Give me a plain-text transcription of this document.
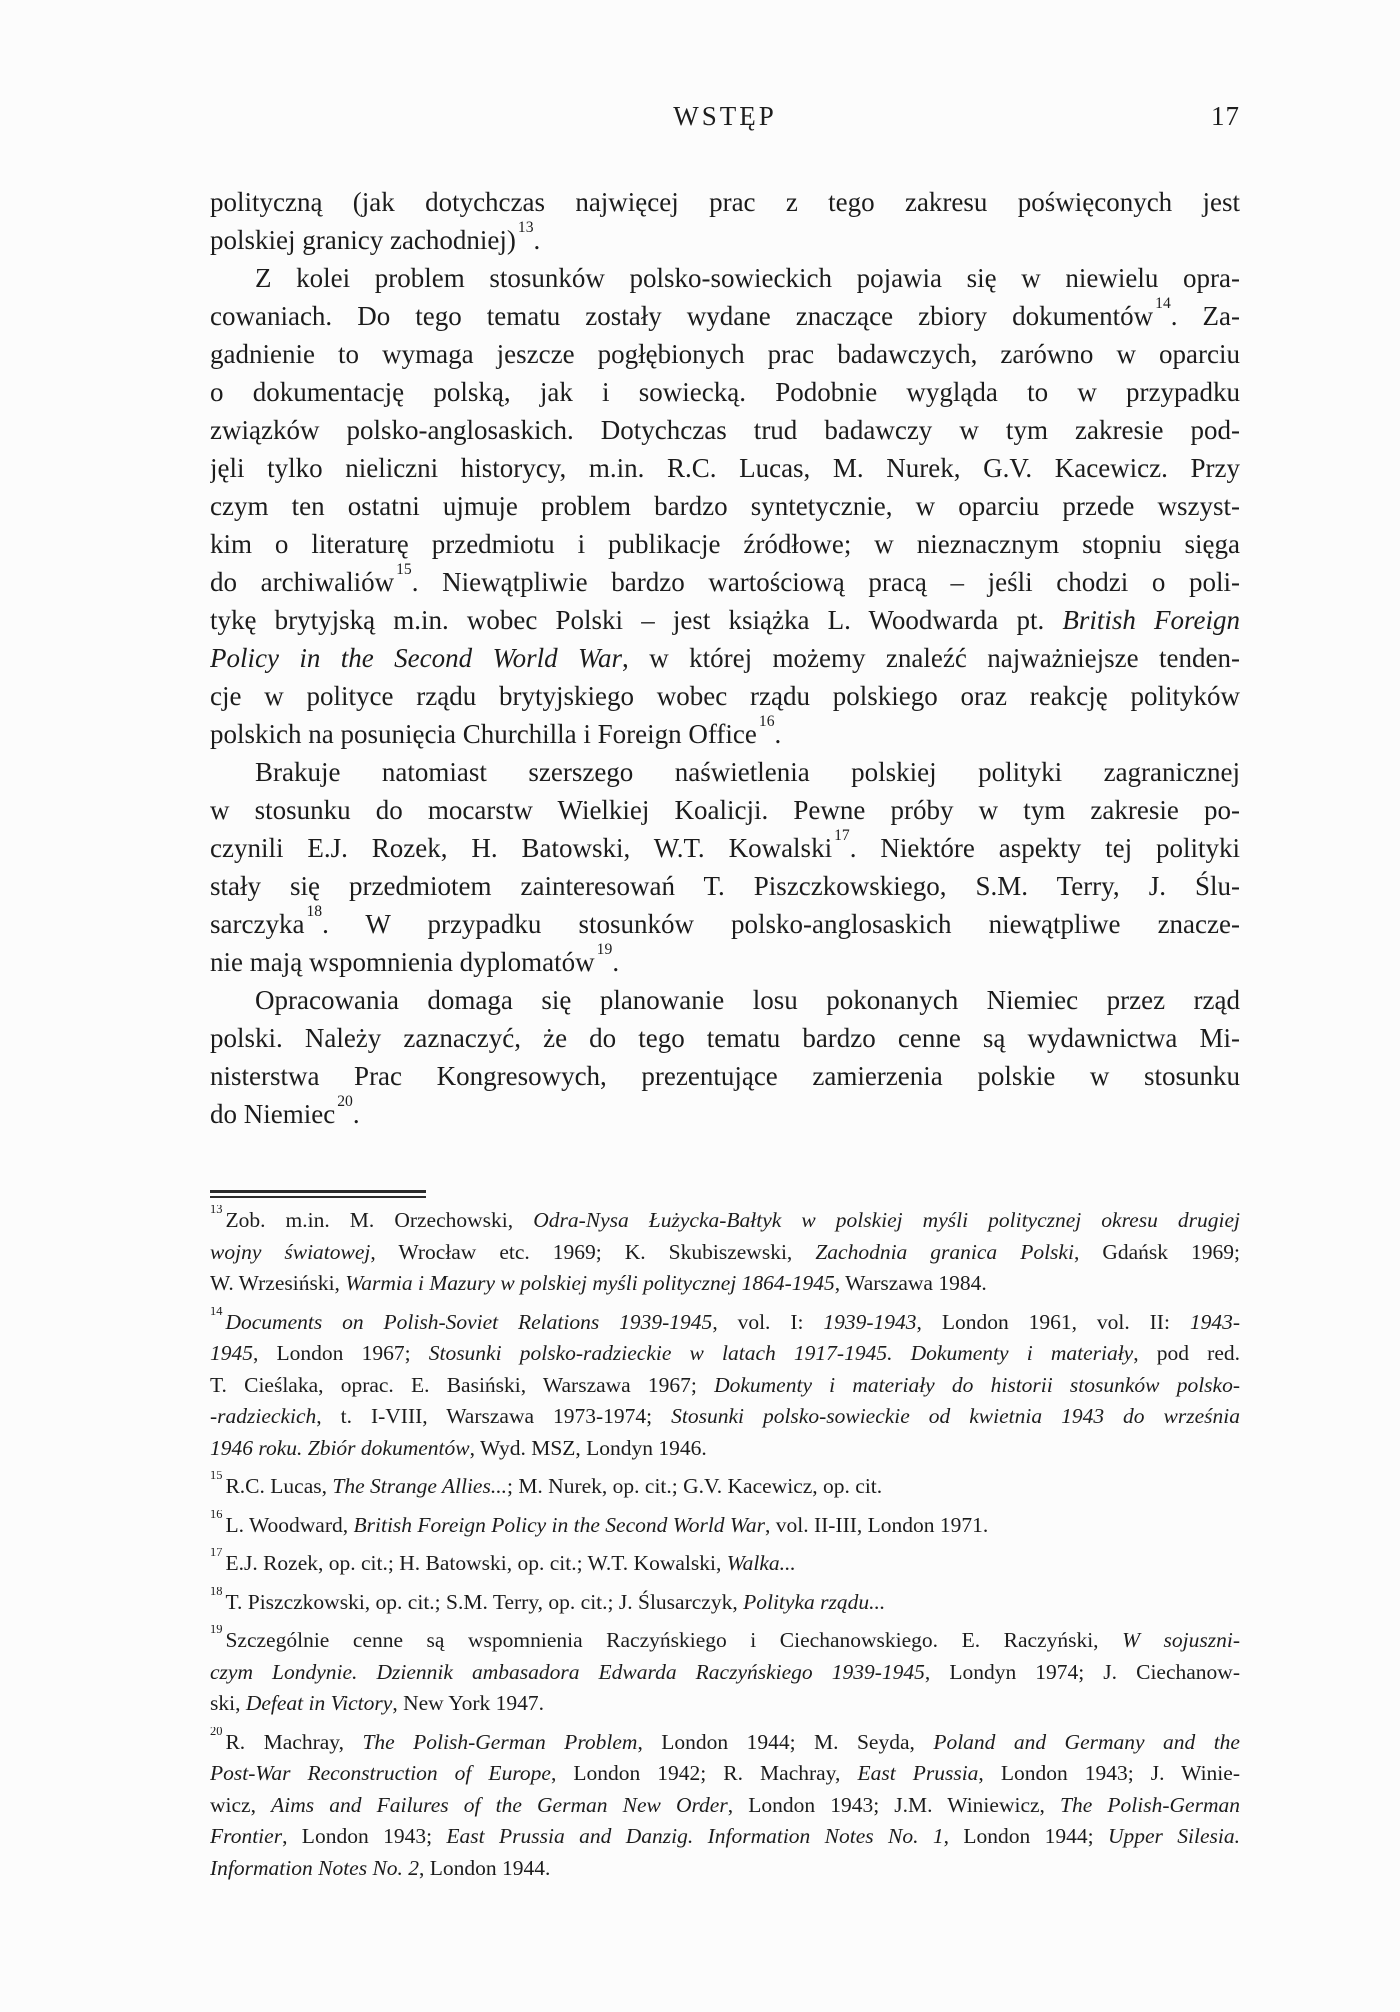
WSTĘP	17
polityczną (jak dotychczas najwięcej prac z tego zakresu poświęconych jest
polskiej granicy zachodniej) $^{13}$.
Z kolei problem stosunków polsko-sowieckich pojawia się w niewielu opra-
cowaniach. Do tego tematu zostały wydane znaczące zbiory dokumentów $^{14}$. Za-
gadnienie to wymaga jeszcze pogłębionych prac badawczych, zarówno w oparciu
o dokumentację polską, jak i sowiecką. Podobnie wygląda to w przypadku
związków polsko-anglosaskich. Dotychczas trud badawczy w tym zakresie pod-
jęli tylko nieliczni historycy, m.in. R.C. Lucas, M. Nurek, G.V. Kacewicz. Przy
czym ten ostatni ujmuje problem bardzo syntetycznie, w oparciu przede wszyst-
kim o literaturę przedmiotu i publikacje źródłowe; w nieznacznym stopniu sięga
do archiwaliów $^{15}$. Niewątpliwie bardzo wartościową pracą – jeśli chodzi o poli-
tykę brytyjską m.in. wobec Polski – jest książka L. Woodwarda pt. British Foreign
Policy in the Second World War, w której możemy znaleźć najważniejsze tenden-
cje w polityce rządu brytyjskiego wobec rządu polskiego oraz reakcję polityków
polskich na posunięcia Churchilla i Foreign Office $^{16}$.
Brakuje natomiast szerszego naświetlenia polskiej polityki zagranicznej
w stosunku do mocarstw Wielkiej Koalicji. Pewne próby w tym zakresie po-
czynili E.J. Rozek, H. Batowski, W.T. Kowalski $^{17}$. Niektóre aspekty tej polityki
stały się przedmiotem zainteresowań T. Piszczkowskiego, S.M. Terry, J. Ślu-
sarczyka $^{18}$. W przypadku stosunków polsko-anglosaskich niewątpliwe znacze-
nie mają wspomnienia dyplomatów $^{19}$.
Opracowania domaga się planowanie losu pokonanych Niemiec przez rząd
polski. Należy zaznaczyć, że do tego tematu bardzo cenne są wydawnictwa Mi-
nisterstwa Prac Kongresowych, prezentujące zamierzenia polskie w stosunku
do Niemiec $^{20}$.
$^{13}$ Zob. m.in. M. Orzechowski, Odra-Nysa Łużycka-Bałtyk w polskiej myśli politycznej okresu drugiej
wojny światowej, Wrocław etc. 1969; K. Skubiszewski, Zachodnia granica Polski, Gdańsk 1969;
W. Wrzesiński, Warmia i Mazury w polskiej myśli politycznej 1864-1945, Warszawa 1984.
$^{14}$ Documents on Polish-Soviet Relations 1939-1945, vol. I: 1939-1943, London 1961, vol. II: 1943-
1945, London 1967; Stosunki polsko-radzieckie w latach 1917-1945. Dokumenty i materiały, pod red.
T. Cieślaka, oprac. E. Basiński, Warszawa 1967; Dokumenty i materiały do historii stosunków polsko-
-radzieckich, t. I-VIII, Warszawa 1973-1974; Stosunki polsko-sowieckie od kwietnia 1943 do września
1946 roku. Zbiór dokumentów, Wyd. MSZ, Londyn 1946.
$^{15}$ R.C. Lucas, The Strange Allies...; M. Nurek, op. cit.; G.V. Kacewicz, op. cit.
$^{16}$ L. Woodward, British Foreign Policy in the Second World War, vol. II-III, London 1971.
$^{17}$ E.J. Rozek, op. cit.; H. Batowski, op. cit.; W.T. Kowalski, Walka...
$^{18}$ T. Piszczkowski, op. cit.; S.M. Terry, op. cit.; J. Ślusarczyk, Polityka rządu...
$^{19}$ Szczególnie cenne są wspomnienia Raczyńskiego i Ciechanowskiego. E. Raczyński, W sojuszni-
czym Londynie. Dziennik ambasadora Edwarda Raczyńskiego 1939-1945, Londyn 1974; J. Ciechanow-
ski, Defeat in Victory, New York 1947.
$^{20}$ R. Machray, The Polish-German Problem, London 1944; M. Seyda, Poland and Germany and the
Post-War Reconstruction of Europe, London 1942; R. Machray, East Prussia, London 1943; J. Winie-
wicz, Aims and Failures of the German New Order, London 1943; J.M. Winiewicz, The Polish-German
Frontier, London 1943; East Prussia and Danzig. Information Notes No. 1, London 1944; Upper Silesia.
Information Notes No. 2, London 1944.
